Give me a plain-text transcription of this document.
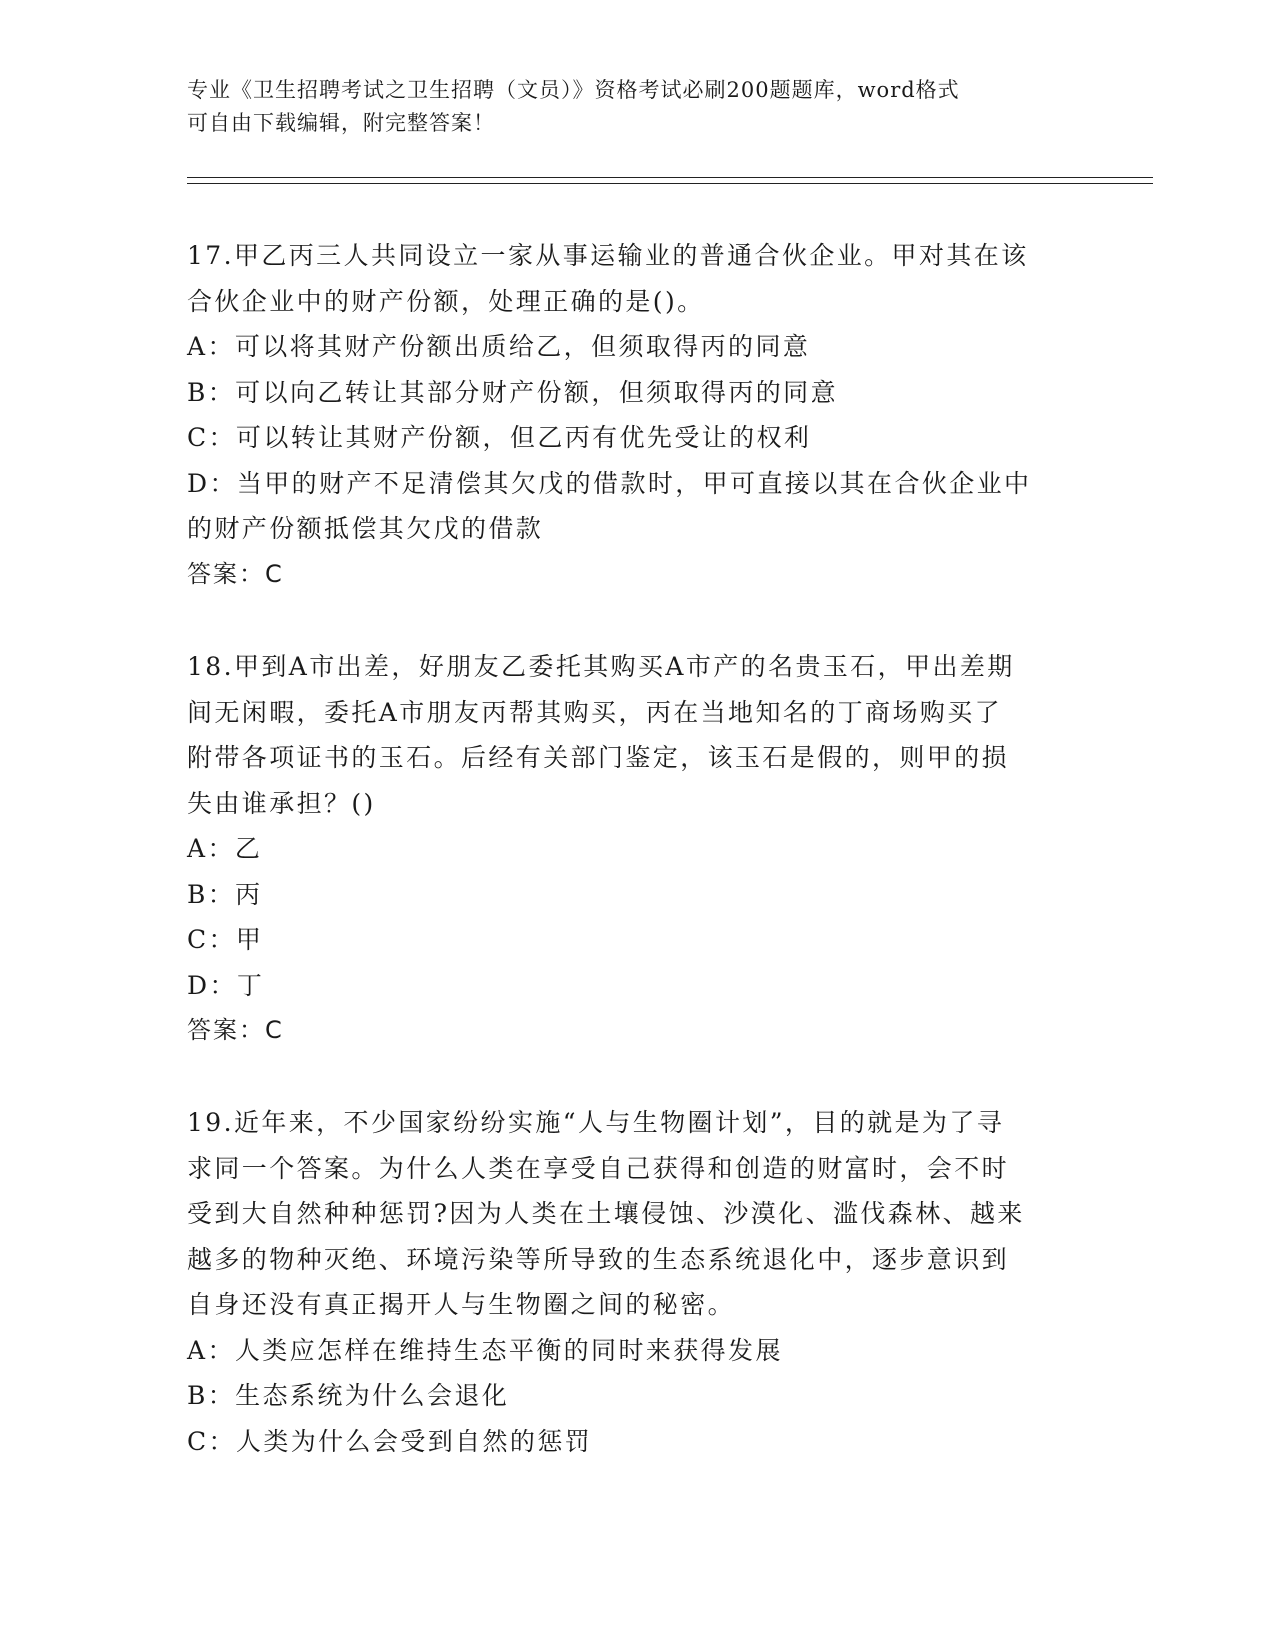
专业《卫生招聘考试之卫生招聘（文员）》资格考试必刷200题题库，word格式
可自由下载编辑，附完整答案！

17.甲乙丙三人共同设立一家从事运输业的普通合伙企业。甲对其在该

合伙企业中的财产份额，处理正确的是()。

A：可以将其财产份额出质给乙，但须取得丙的同意

B：可以向乙转让其部分财产份额，但须取得丙的同意

C：可以转让其财产份额，但乙丙有优先受让的权利

D：当甲的财产不足清偿其欠戊的借款时，甲可直接以其在合伙企业中

的财产份额抵偿其欠戊的借款

答案：C

18.甲到A市出差，好朋友乙委托其购买A市产的名贵玉石，甲出差期

间无闲暇，委托A市朋友丙帮其购买，丙在当地知名的丁商场购买了

附带各项证书的玉石。后经有关部门鉴定，该玉石是假的，则甲的损

失由谁承担？()

A：乙

B：丙

C：甲

D：丁

答案：C

19.近年来，不少国家纷纷实施“人与生物圈计划”，目的就是为了寻

求同一个答案。为什么人类在享受自己获得和创造的财富时，会不时

受到大自然种种惩罚?因为人类在土壤侵蚀、沙漠化、滥伐森林、越来

越多的物种灭绝、环境污染等所导致的生态系统退化中，逐步意识到

自身还没有真正揭开人与生物圈之间的秘密。

A：人类应怎样在维持生态平衡的同时来获得发展

B：生态系统为什么会退化

C：人类为什么会受到自然的惩罚
